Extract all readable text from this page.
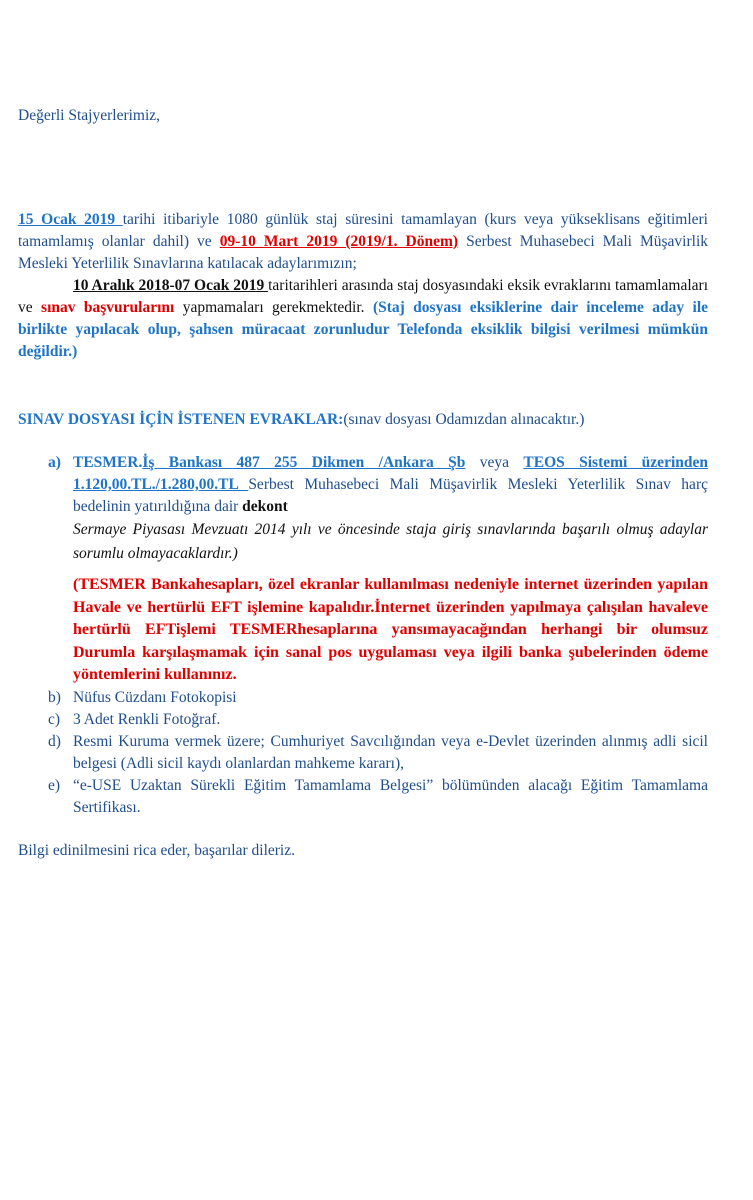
Değerli Stajyerlerimiz,
15 Ocak 2019 tarihi itibariyle 1080 günlük staj süresini tamamlayan (kurs veya yükseklisans eğitimleri tamamlamış olanlar dahil) ve 09-10 Mart 2019 (2019/1. Dönem) Serbest Muhasebeci Mali Müşavirlik Mesleki Yeterlilik Sınavlarına katılacak adaylarımızın;
10 Aralık 2018-07 Ocak 2019 taritarihleri arasında staj dosyasındaki eksik evraklarını tamamlamaları ve sınav başvurularını yapmamaları gerekmektedir. (Staj dosyası eksiklerine dair inceleme aday ile birlikte yapılacak olup, şahsen müracaat zorunludur Telefonda eksiklik bilgisi verilmesi mümkün değildir.)
SINAV DOSYASI İÇİN İSTENEN EVRAKLAR:(sınav dosyası Odamızdan alınacaktır.)
a) TESMER.İş Bankası 487 255 Dikmen /Ankara Şb veya TEOS Sistemi üzerinden 1.120,00.TL./1.280,00.TL Serbest Muhasebeci Mali Müşavirlik Mesleki Yeterlilik Sınav harç bedelinin yatırıldığına dair dekont
Sermaye Piyasası Mevzuatı 2014 yılı ve öncesinde staja giriş sınavlarında başarılı olmuş adaylar sorumlu olmayacaklardır.)
(TESMER Bankahesapları, özel ekranlar kullanılması nedeniyle internet üzerinden yapılan Havale ve hertürlü EFT işlemine kapalıdır.İnternet üzerinden yapılmaya çalışılan havaleve hertürlü EFTişlemi TESMERhesaplarına yansımayacağından herhangi bir olumsuz Durumla karşılaşmamak için sanal pos uygulaması veya ilgili banka şubelerinden ödeme yöntemlerini kullanınız.
b) Nüfus Cüzdanı Fotokopisi
c) 3 Adet Renkli Fotoğraf.
d) Resmi Kuruma vermek üzere; Cumhuriyet Savcılığından veya e-Devlet üzerinden alınmış adli sicil belgesi (Adli sicil kaydı olanlardan mahkeme kararı),
e) “e-USE Uzaktan Sürekli Eğitim Tamamlama Belgesi” bölümünden alacağı Eğitim Tamamlama Sertifikası.
Bilgi edinilmesini rica eder, başarılar dileriz.
